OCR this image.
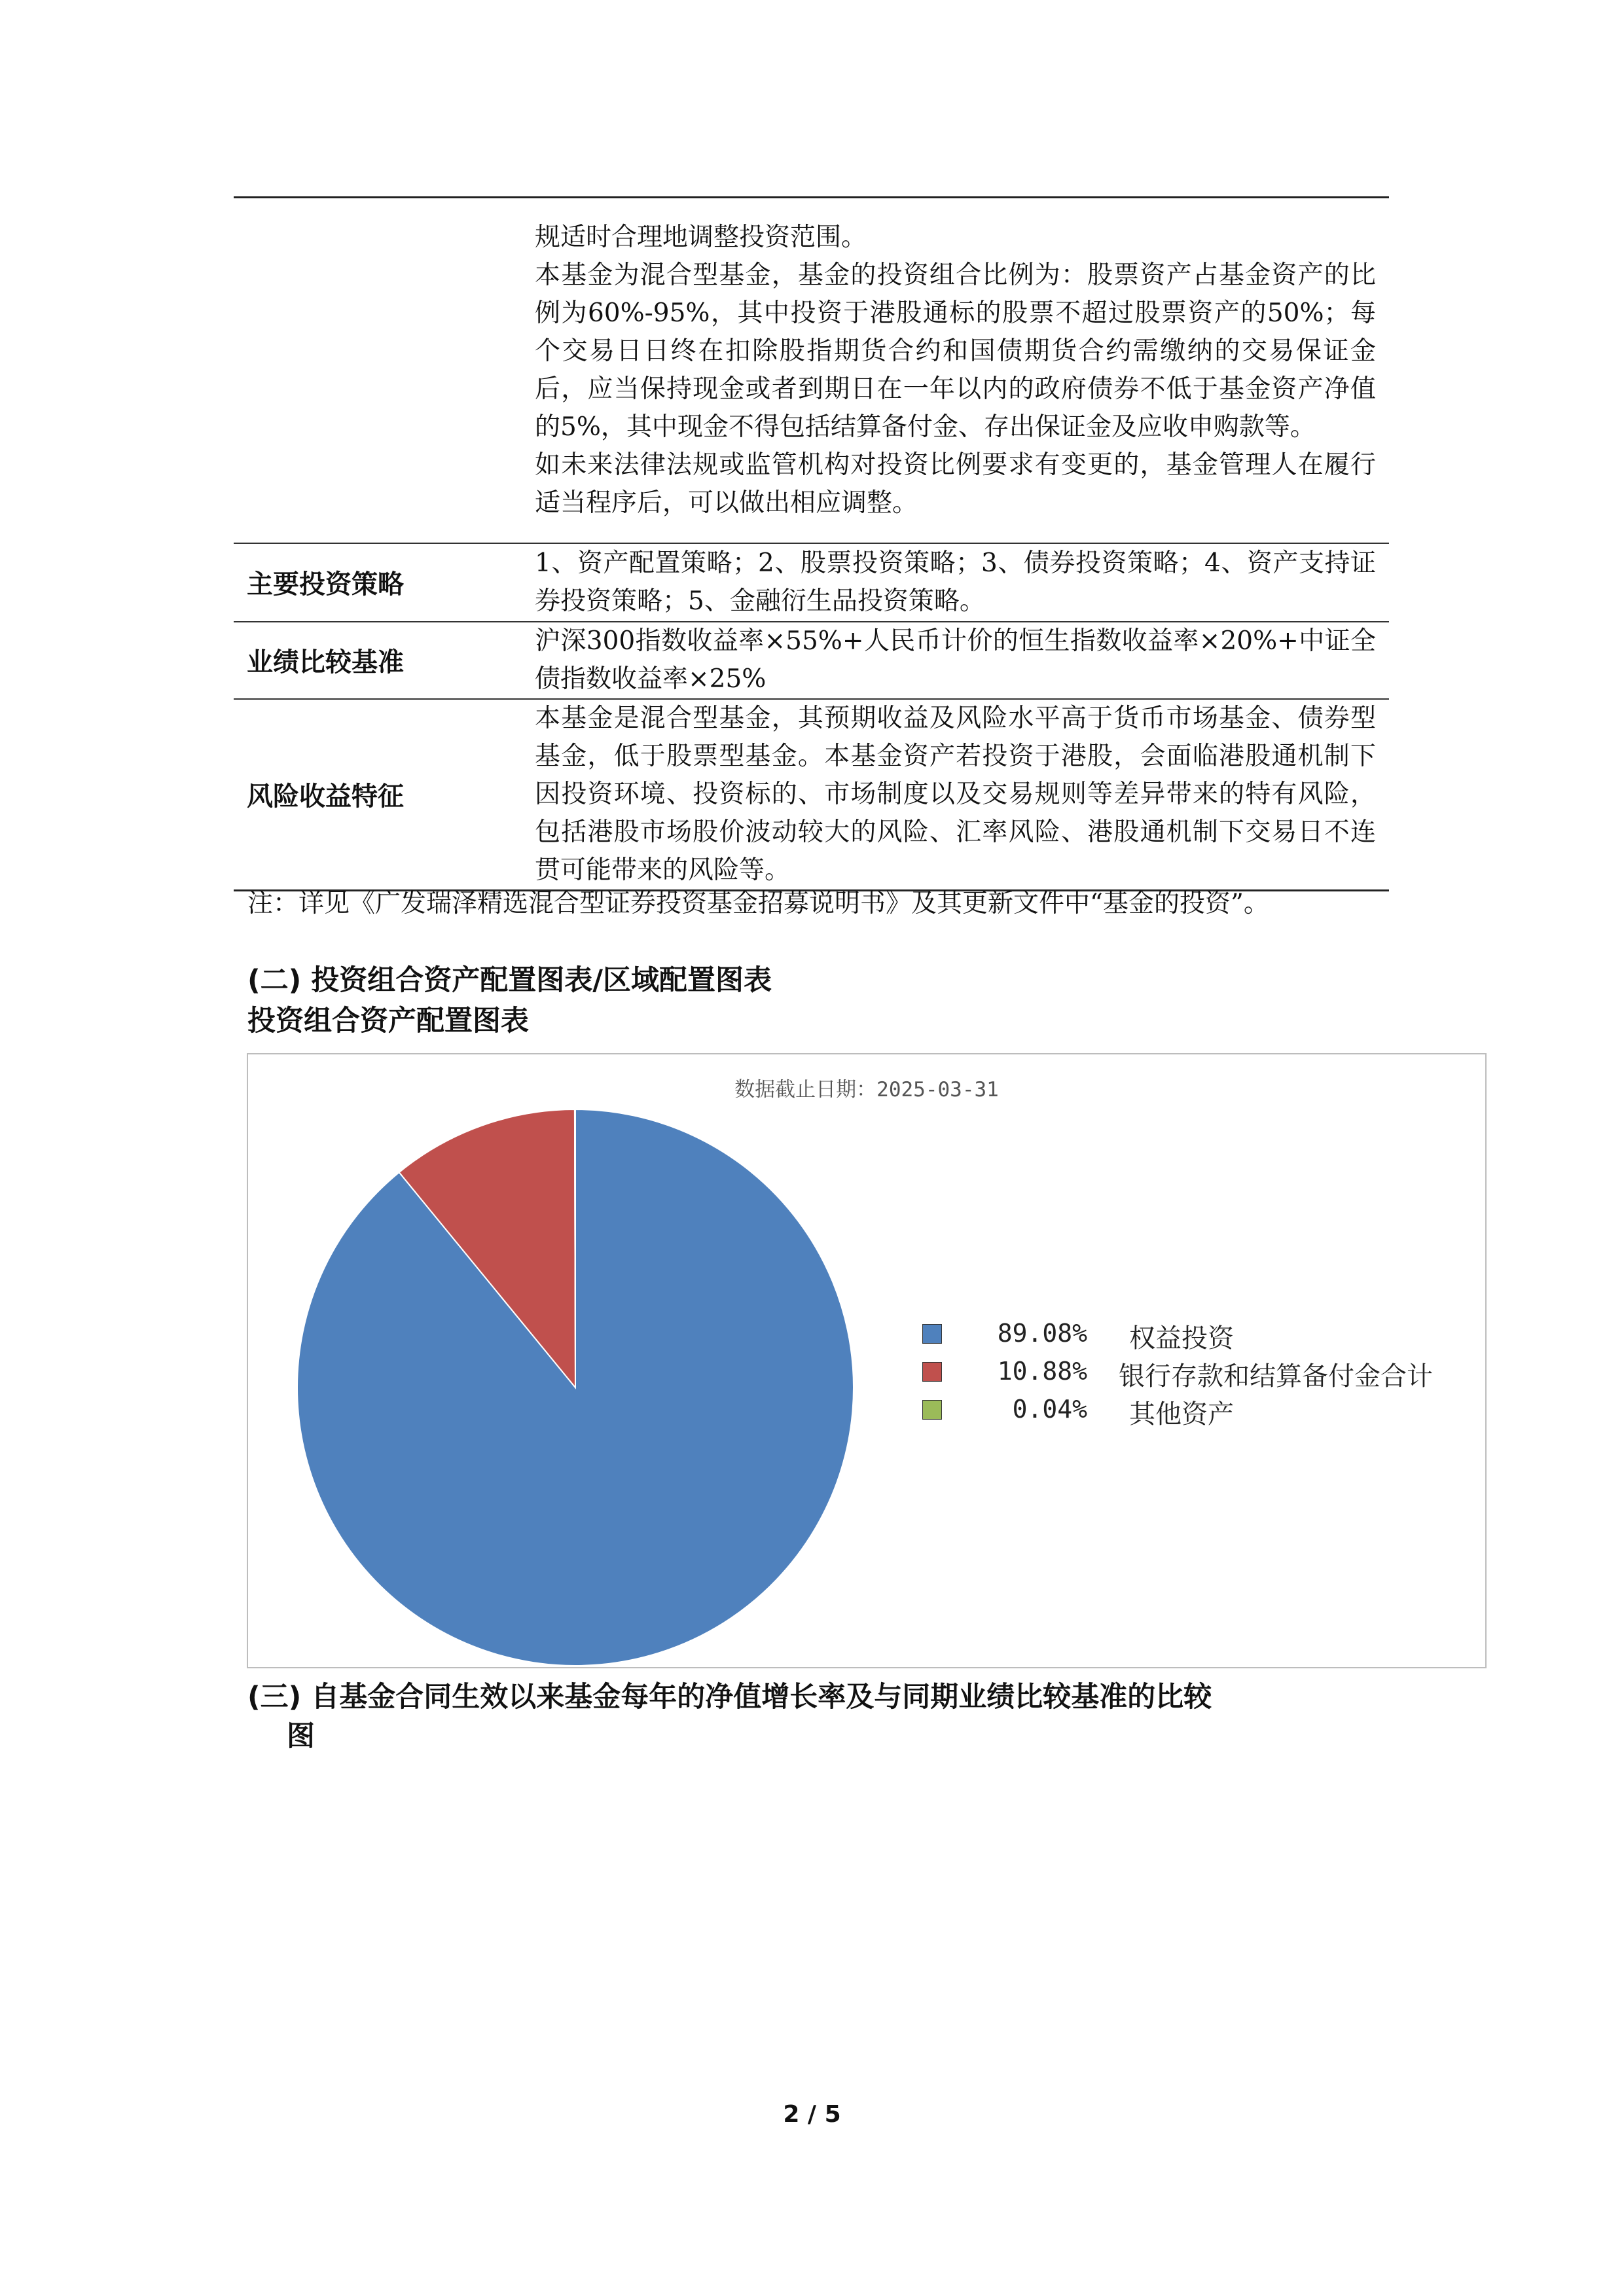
	规适时合理地调整投资范围。

本基金为混合型基金，基金的投资组合比例为：股票资产占基金资产的比例为60%-95%，其中投资于港股通标的股票不超过股票资产的50%；每个交易日日终在扣除股指期货合约和国债期货合约需缴纳的交易保证金后，应当保持现金或者到期日在一年以内的政府债券不低于基金资产净值的5%，其中现金不得包括结算备付金、存出保证金及应收申购款等。

如未来法律法规或监管机构对投资比例要求有变更的，基金管理人在履行适当程序后，可以做出相应调整。

主要投资策略	1、资产配置策略；2、股票投资策略；3、债券投资策略；4、资产支持证券投资策略；5、金融衍生品投资策略。

业绩比较基准	沪深300指数收益率×55%+人民币计价的恒生指数收益率×20%+中证全债指数收益率×25%

风险收益特征	本基金是混合型基金，其预期收益及风险水平高于货币市场基金、债券型基金，低于股票型基金。本基金资产若投资于港股，会面临港股通机制下因投资环境、投资标的、市场制度以及交易规则等差异带来的特有风险，包括港股市场股价波动较大的风险、汇率风险、港股通机制下交易日不连贯可能带来的风险等。

注：详见《广发瑞泽精选混合型证券投资基金招募说明书》及其更新文件中“基金的投资”。
(二) 投资组合资产配置图表/区域配置图表
投资组合资产配置图表
数据截止日期：2025-03-31
89.08% 权益投资
10.88% 银行存款和结算备付金合计
0.04% 其他资产
(三) 自基金合同生效以来基金每年的净值增长率及与同期业绩比较基准的比较
图
2 / 5
